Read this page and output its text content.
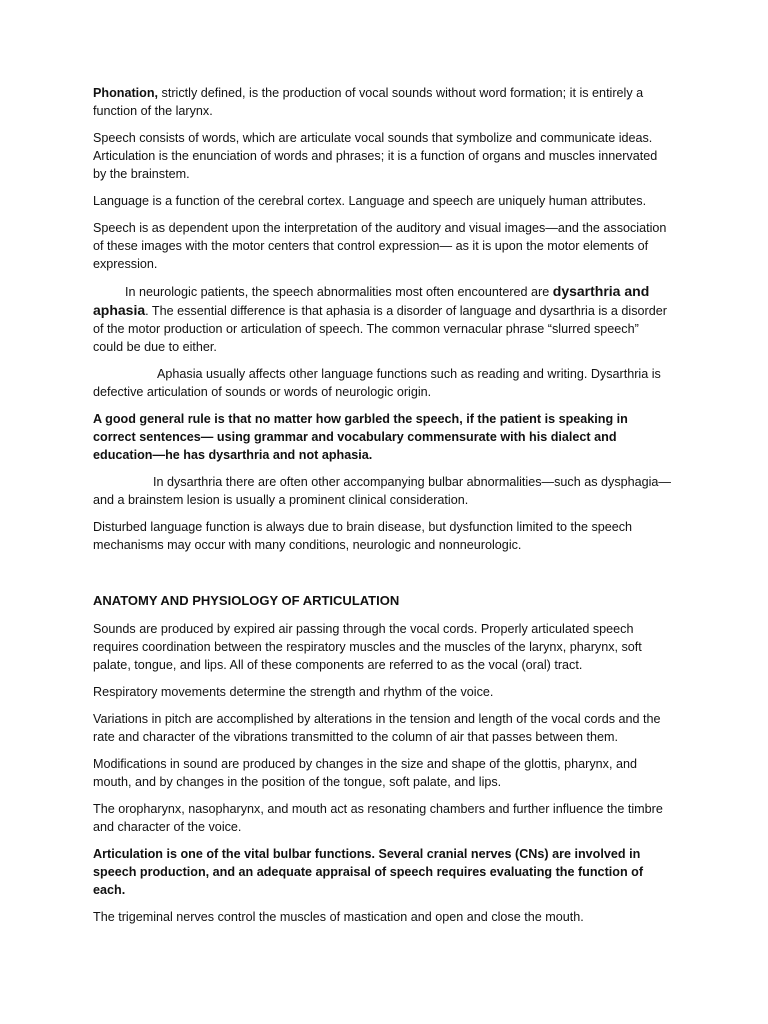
Phonation, strictly defined, is the production of vocal sounds without word formation; it is entirely a function of the larynx.

Speech consists of words, which are articulate vocal sounds that symbolize and communicate ideas. Articulation is the enunciation of words and phrases; it is a function of organs and muscles innervated by the brainstem.

Language is a function of the cerebral cortex. Language and speech are uniquely human attributes.

Speech is as dependent upon the interpretation of the auditory and visual images—and the association of these images with the motor centers that control expression— as it is upon the motor elements of expression.

In neurologic patients, the speech abnormalities most often encountered are dysarthria and aphasia. The essential difference is that aphasia is a disorder of language and dysarthria is a disorder of the motor production or articulation of speech. The common vernacular phrase “slurred speech” could be due to either.

Aphasia usually affects other language functions such as reading and writing. Dysarthria is defective articulation of sounds or words of neurologic origin.

A good general rule is that no matter how garbled the speech, if the patient is speaking in correct sentences— using grammar and vocabulary commensurate with his dialect and education—he has dysarthria and not aphasia.

In dysarthria there are often other accompanying bulbar abnormalities—such as dysphagia—and a brainstem lesion is usually a prominent clinical consideration.

Disturbed language function is always due to brain disease, but dysfunction limited to the speech mechanisms may occur with many conditions, neurologic and nonneurologic.

ANATOMY AND PHYSIOLOGY OF ARTICULATION

Sounds are produced by expired air passing through the vocal cords. Properly articulated speech requires coordination between the respiratory muscles and the muscles of the larynx, pharynx, soft palate, tongue, and lips. All of these components are referred to as the vocal (oral) tract.

Respiratory movements determine the strength and rhythm of the voice.

Variations in pitch are accomplished by alterations in the tension and length of the vocal cords and the rate and character of the vibrations transmitted to the column of air that passes between them.

Modifications in sound are produced by changes in the size and shape of the glottis, pharynx, and mouth, and by changes in the position of the tongue, soft palate, and lips.

The oropharynx, nasopharynx, and mouth act as resonating chambers and further influence the timbre and character of the voice.

Articulation is one of the vital bulbar functions. Several cranial nerves (CNs) are involved in speech production, and an adequate appraisal of speech requires evaluating the function of each.

The trigeminal nerves control the muscles of mastication and open and close the mouth.
